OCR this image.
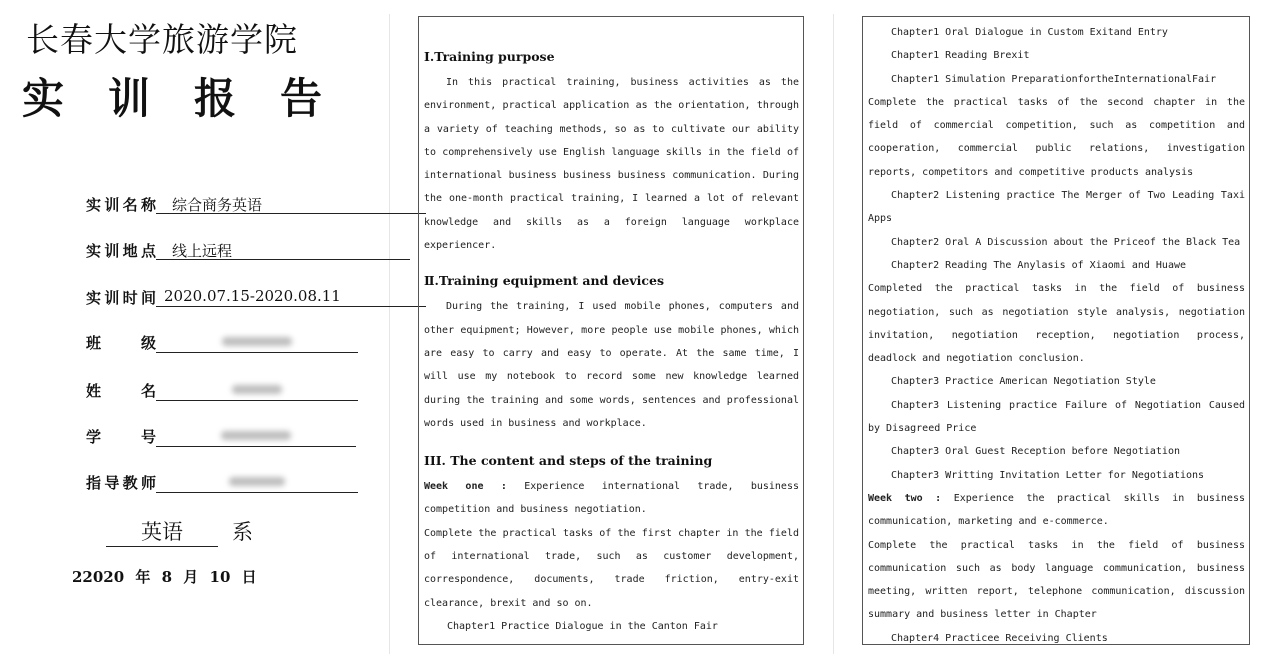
长春大学旅游学院
实 训 报 告
实 训 名 称	综合商务英语
实 训 地 点	线上远程
实 训 时 间 2020.07.15-2020.08.11
班	级
姓	名
学	号
指 导 教 师
英语 系
22020 年 8 月 10 日
Ⅰ.Training purpose

In this practical training, business activities as the environment, practical application as the orientation, through a variety of teaching methods, so as to cultivate our ability to comprehensively use English language skills in the field of international business business business communication. During the one-month practical training, I learned a lot of relevant knowledge and skills as a foreign language workplace experiencer.

Ⅱ.Training equipment and devices

During the training, I used mobile phones, computers and other equipment; However, more people use mobile phones, which are easy to carry and easy to operate. At the same time, I will use my notebook to record some new knowledge learned during the training and some words, sentences and professional words used in business and workplace.

III. The content and steps of the training

Week one : Experience international trade, business competition and business negotiation.

Complete the practical tasks of the first chapter in the field of international trade, such as customer development, correspondence, documents, trade friction, entry-exit clearance, brexit and so on.

Chapter1 Practice Dialogue in the Canton Fair
Chapter1 Oral Dialogue in Custom Exitand Entry
Chapter1 Reading Brexit
Chapter1 Simulation PreparationfortheInternationalFair

Complete the practical tasks of the second chapter in the field of commercial competition, such as competition and cooperation, commercial public relations, investigation reports, competitors and competitive products analysis

Chapter2 Listening practice The Merger of Two Leading Taxi Apps

Chapter2 Oral A Discussion about the Priceof the Black Tea
Chapter2 Reading The Anylasis of Xiaomi and Huawe

Completed the practical tasks in the field of business negotiation, such as negotiation style analysis, negotiation invitation, negotiation reception, negotiation process, deadlock and negotiation conclusion.

Chapter3 Practice American Negotiation Style

Chapter3 Listening practice Failure of Negotiation Caused by Disagreed Price

Chapter3 Oral Guest Reception before Negotiation
Chapter3 Writting Invitation Letter for Negotiations

Week two : Experience the practical skills in business communication, marketing and e-commerce.

Complete the practical tasks in the field of business communication such as body language communication, business meeting, written report, telephone communication, discussion summary and business letter in Chapter

Chapter4 Practicee Receiving Clients
